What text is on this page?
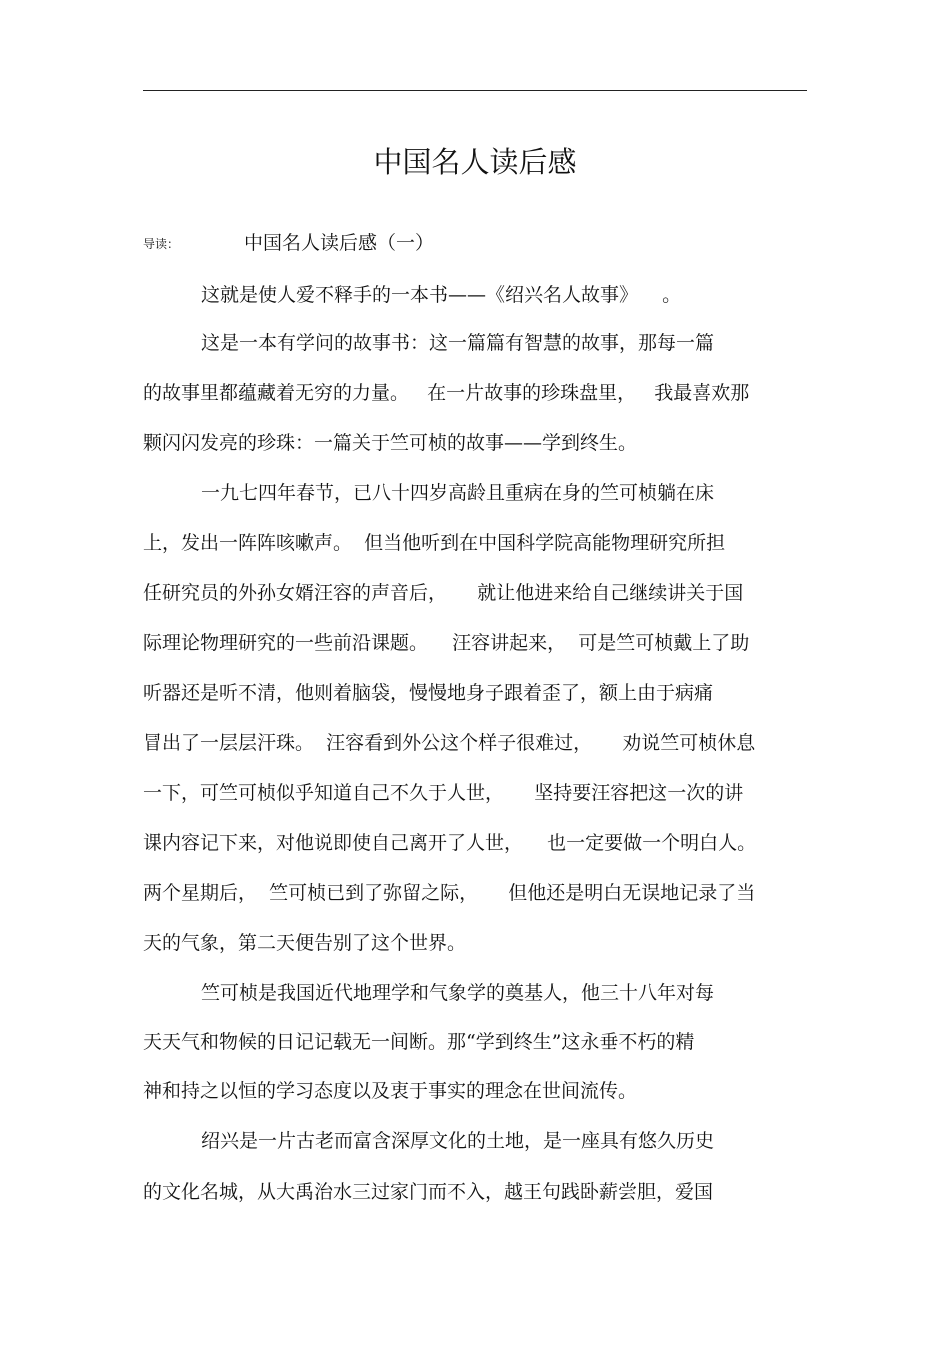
中国名人读后感
导读：	中国名人读后感（一）
这就是使人爱不释手的一本书——《绍兴名人故事》    。
这是一本有学问的故事书：这一篇篇有智慧的故事，那每一篇
的故事里都蕴藏着无穷的力量。   在一片故事的珍珠盘里，   我最喜欢那
颗闪闪发亮的珍珠：一篇关于竺可桢的故事——学到终生。
一九七四年春节，已八十四岁高龄且重病在身的竺可桢躺在床
上，发出一阵阵咳嗽声。  但当他听到在中国科学院高能物理研究所担
任研究员的外孙女婿汪容的声音后，     就让他进来给自己继续讲关于国
际理论物理研究的一些前沿课题。    汪容讲起来，  可是竺可桢戴上了助
听器还是听不清，他则着脑袋，慢慢地身子跟着歪了，额上由于病痛
冒出了一层层汗珠。  汪容看到外公这个样子很难过，     劝说竺可桢休息
一下，可竺可桢似乎知道自己不久于人世，     坚持要汪容把这一次的讲
课内容记下来，对他说即使自己离开了人世，    也一定要做一个明白人。
两个星期后，  竺可桢已到了弥留之际，     但他还是明白无误地记录了当
天的气象，第二天便告别了这个世界。
竺可桢是我国近代地理学和气象学的奠基人，他三十八年对每
天天气和物候的日记记载无一间断。那“学到终生”这永垂不朽的精
神和持之以恒的学习态度以及衷于事实的理念在世间流传。
绍兴是一片古老而富含深厚文化的土地，是一座具有悠久历史
的文化名城，从大禹治水三过家门而不入，越王句践卧薪尝胆，爱国
